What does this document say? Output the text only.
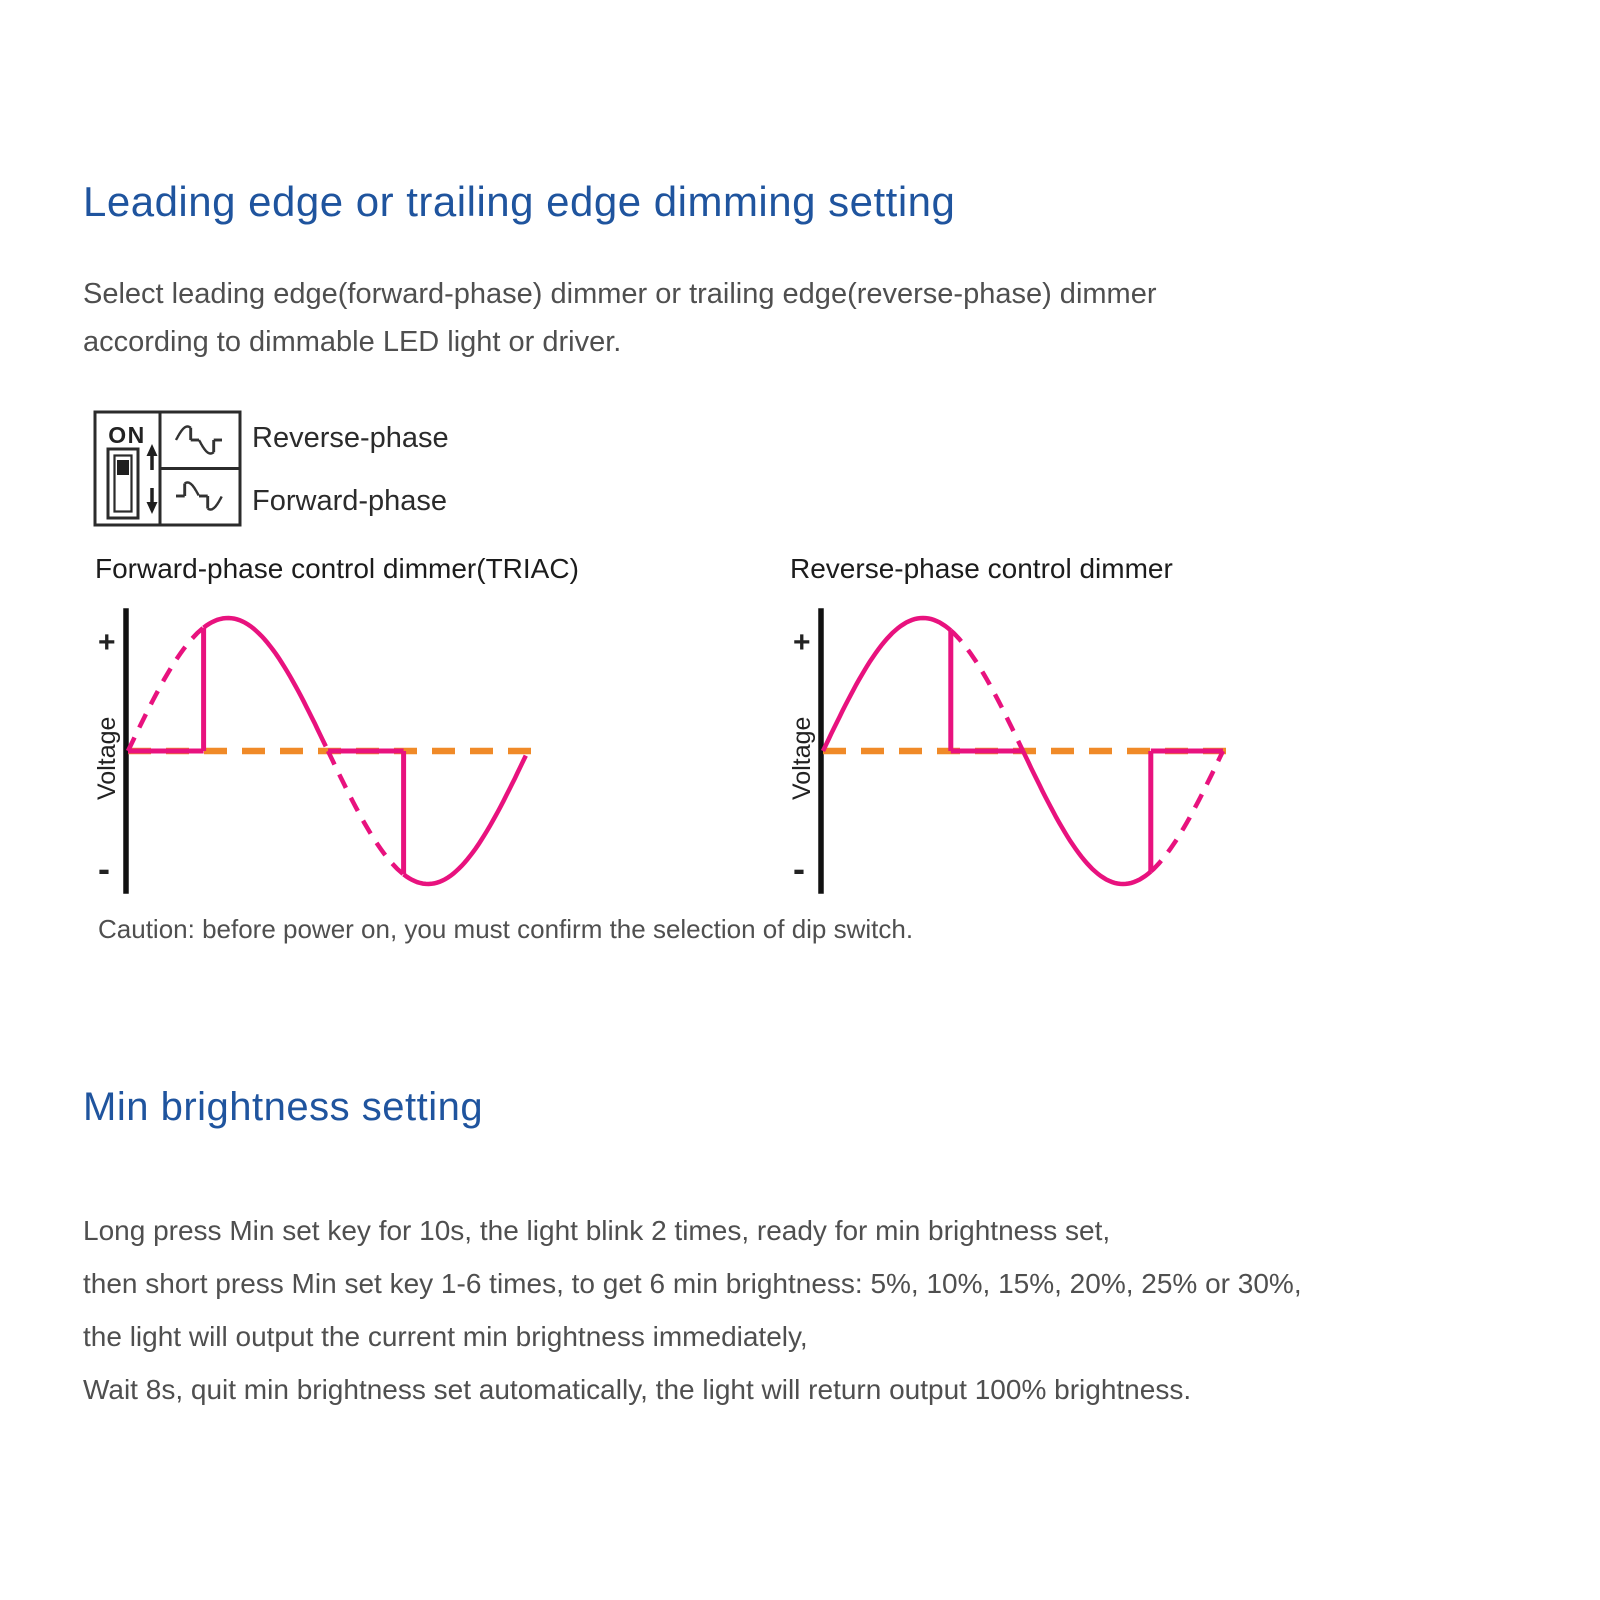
Leading edge or trailing edge dimming setting

Select leading edge(forward-phase) dimmer or trailing edge(reverse-phase) dimmer
according to dimmable LED light or driver.

ON	Reverse-phase
Forward-phase
Forward-phase control dimmer(TRIAC)
+
-
Voltage
Reverse-phase control dimmer
+
-
Voltage

Caution: before power on, you must confirm the selection of dip switch.

Min brightness setting
Long press Min set key for 10s, the light blink 2 times, ready for min brightness set,
then short press Min set key 1-6 times, to get 6 min brightness: 5%, 10%, 15%, 20%, 25% or 30%,
the light will output the current min brightness immediately,
Wait 8s, quit min brightness set automatically, the light will return output 100% brightness.
